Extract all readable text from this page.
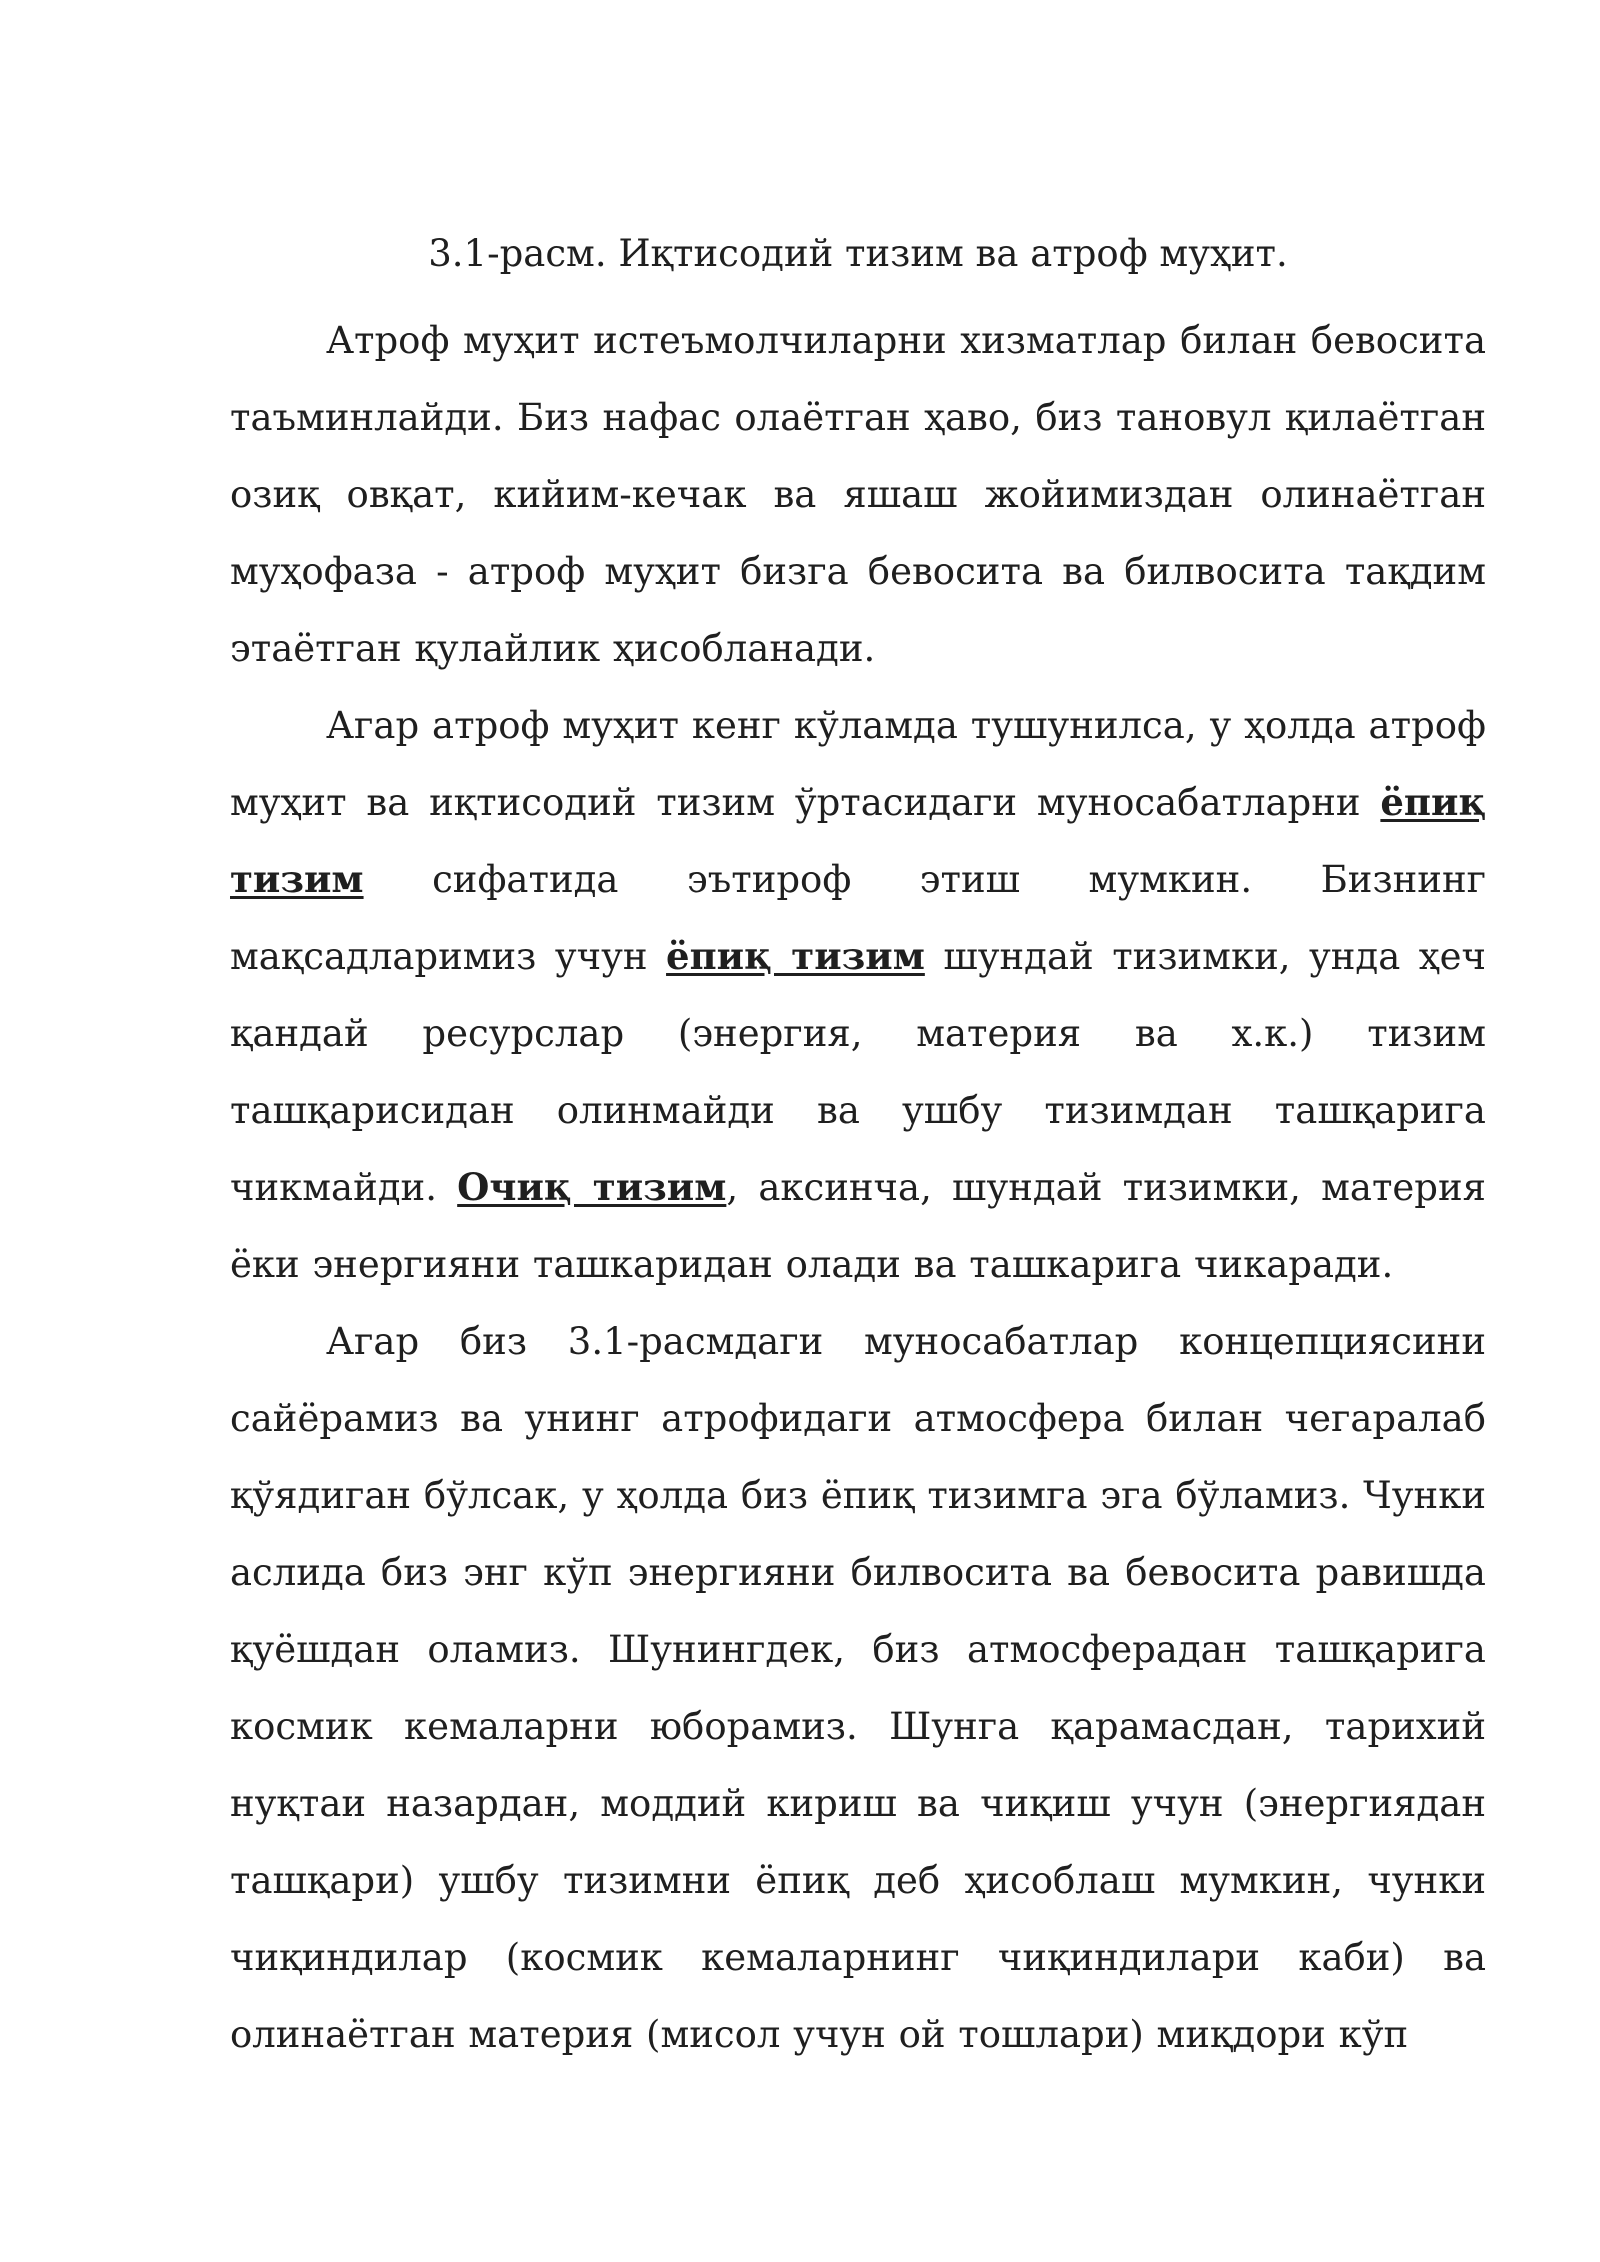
3.1-расм. Иқтисодий тизим ва атроф муҳит.

Атроф муҳит истеъмолчиларни хизматлар билан бевосита таъминлайди. Биз нафас олаётган ҳаво, биз тановул қилаётган озиқ овқат, кийим-кечак ва яшаш жойимиздан олинаётган муҳофаза - атроф муҳит бизга бевосита ва билвосита тақдим этаётган қулайлик ҳисобланади.

Агар атроф муҳит кенг кўламда тушунилса, у ҳолда атроф муҳит ва иқтисодий тизим ўртасидаги муносабатларни ёпиқ тизим сифатида эътироф этиш мумкин. Бизнинг мақсадларимиз учун ёпиқ тизим шундай тизимки, унда ҳеч қандай ресурслар (энергия, материя ва х.к.) тизим ташқарисидан олинмайди ва ушбу тизимдан ташқарига чикмайди. Очиқ тизим, аксинча, шундай тизимки, материя ёки энергияни ташкаридан олади ва ташкарига чикаради.

Агар биз 3.1-расмдаги муносабатлар концепциясини сайёрамиз ва унинг атрофидаги атмосфера билан чегаралаб қўядиган бўлсак, у ҳолда биз ёпиқ тизимга эга бўламиз. Чунки аслида биз энг кўп энергияни билвосита ва бевосита равишда қуёшдан оламиз. Шунингдек, биз атмосферадан ташқарига космик кемаларни юборамиз. Шунга қарамасдан, тарихий нуқтаи назардан, моддий кириш ва чиқиш учун (энергиядан ташқари) ушбу тизимни ёпиқ деб ҳисоблаш мумкин, чунки чиқиндилар (космик кемаларнинг чиқиндилари каби) ва олинаётган материя (мисол учун ой тошлари) миқдори кўп
